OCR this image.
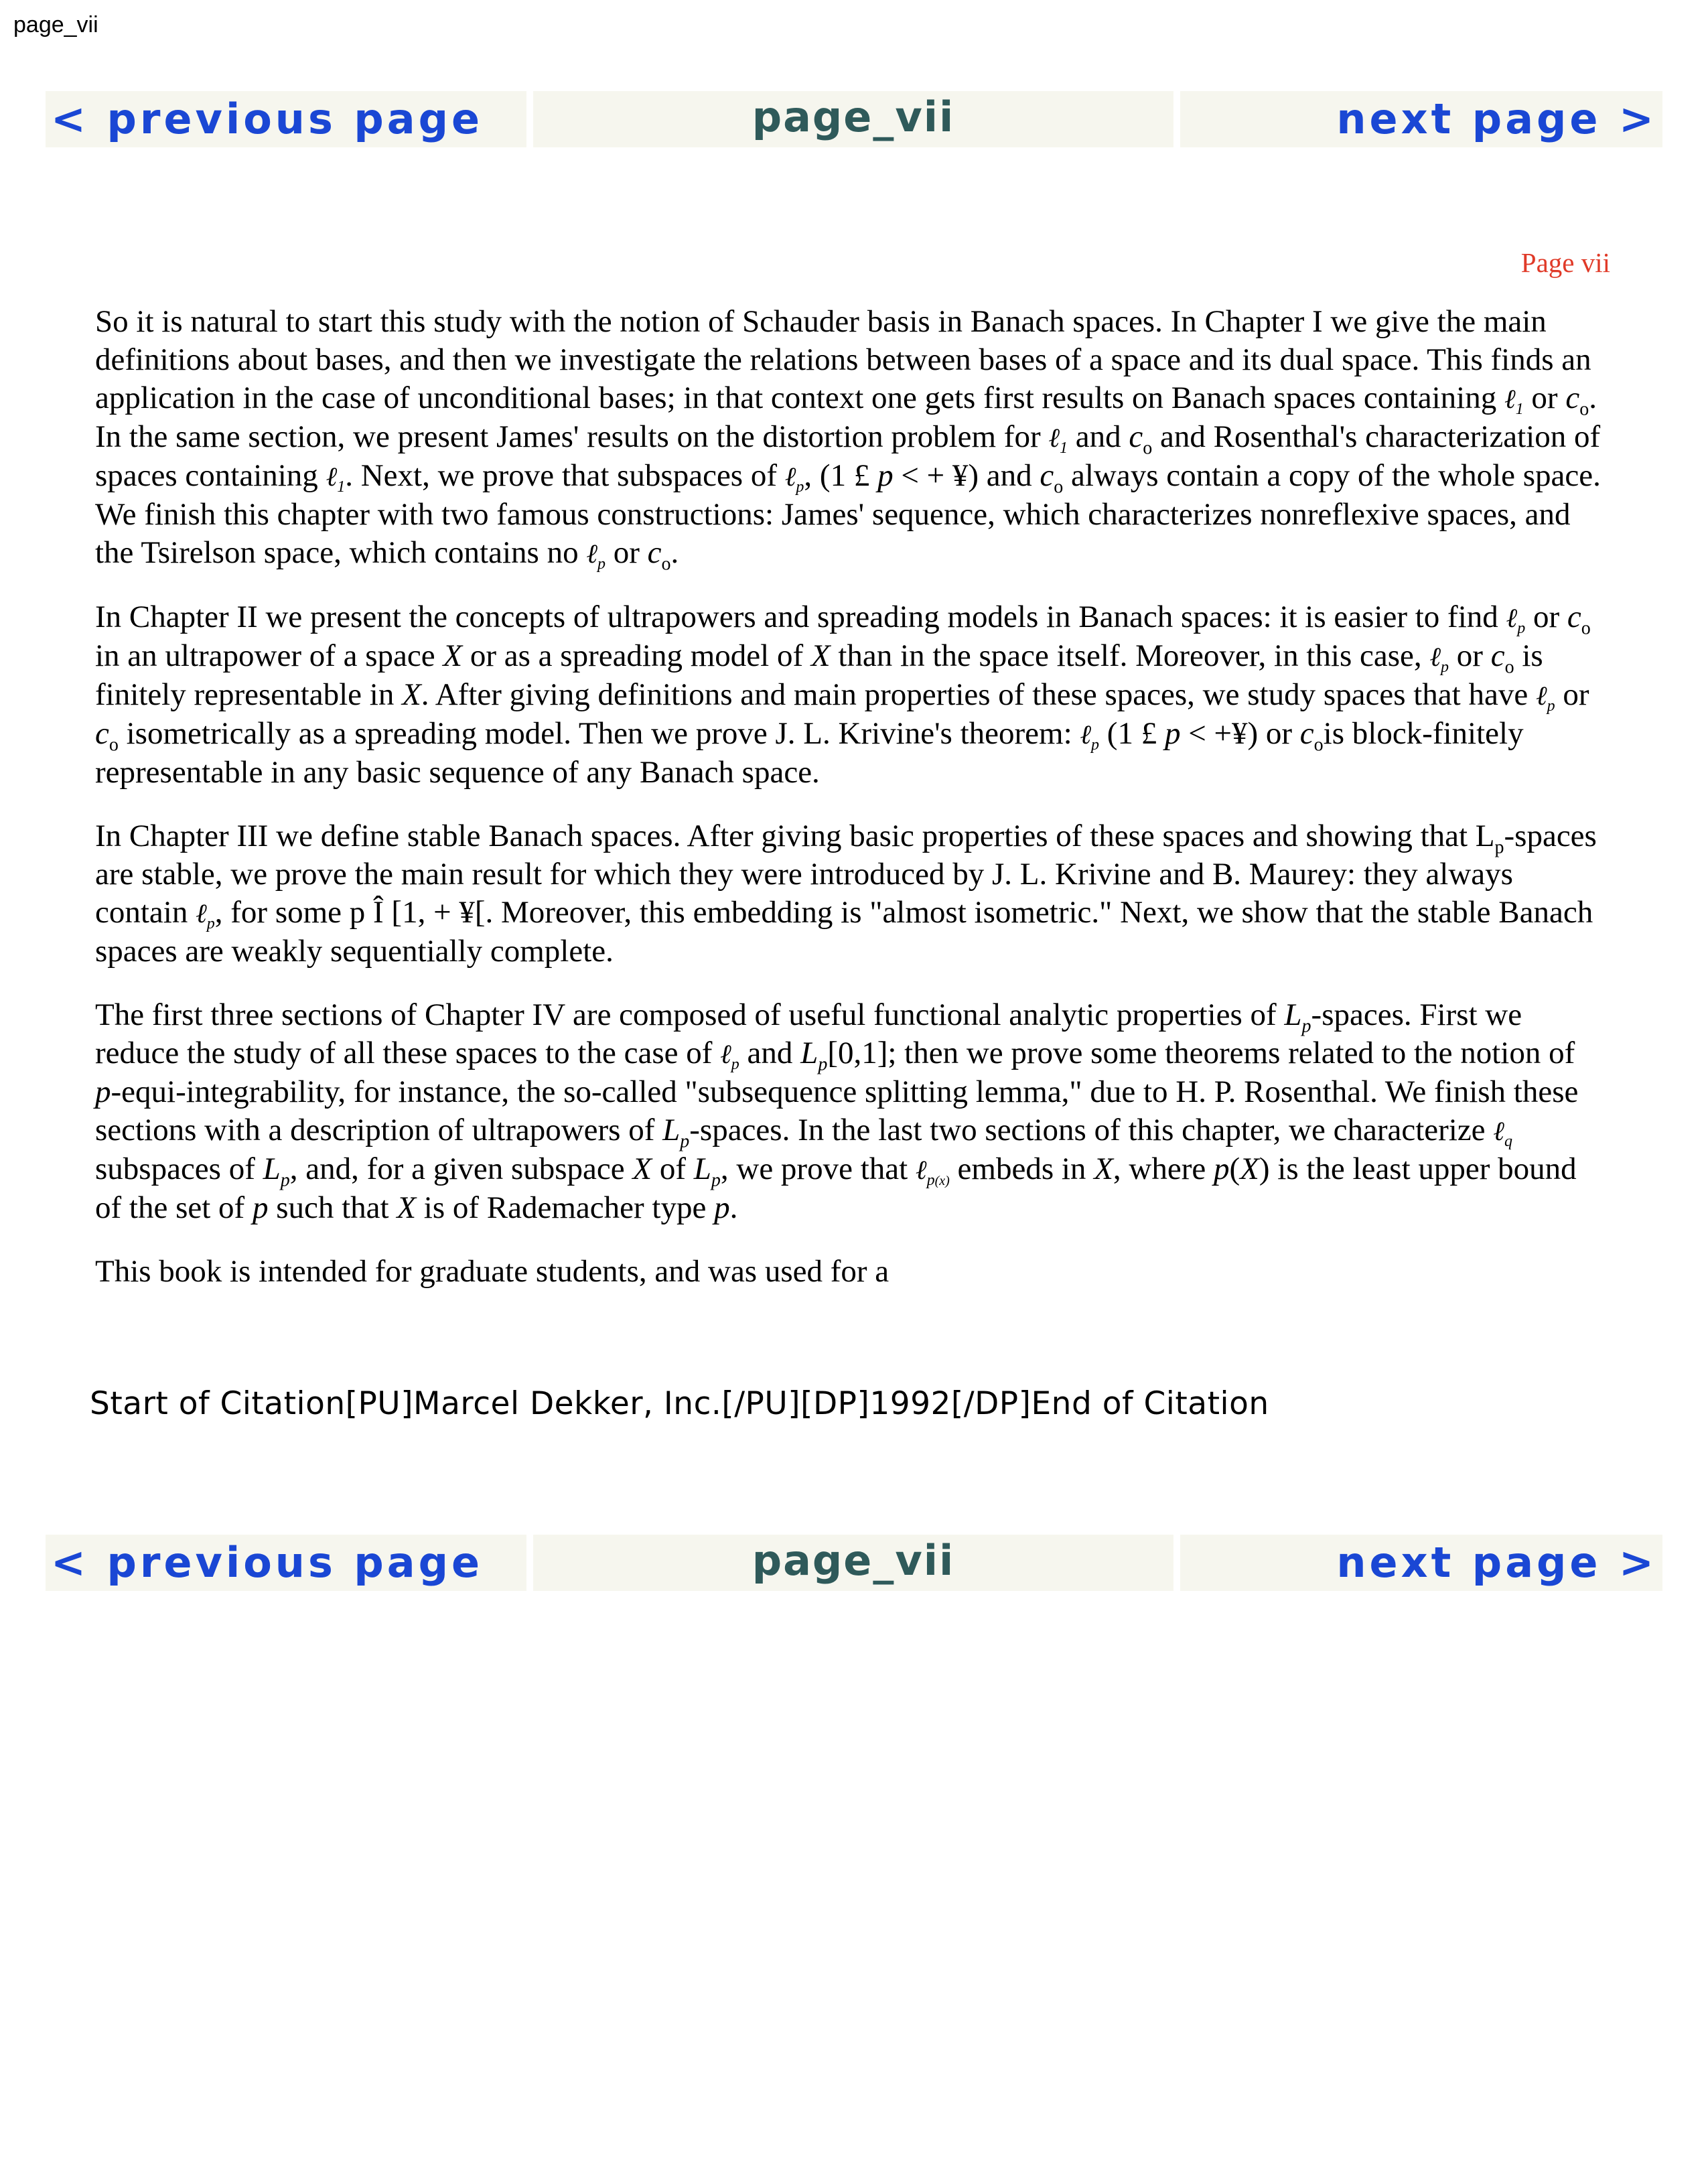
page_vii
< previous page	page_vii	next page >
Page vii

So it is natural to start this study with the notion of Schauder basis in Banach spaces. In Chapter I we give the main definitions about bases, and then we investigate the relations between bases of a space and its dual space. This finds an application in the case of unconditional bases; in that context one gets first results on Banach spaces containing ℓ$_1$ or $c_o$. In the same section, we present James' results on the distortion problem for ℓ$_1$ and $c_o$ and Rosenthal's characterization of spaces containing ℓ$_1$. Next, we prove that subspaces of ℓ$_p$, (1 £ p < + ¥) and $c_o$ always contain a copy of the whole space. We finish this chapter with two famous constructions: James' sequence, which characterizes nonreflexive spaces, and the Tsirelson space, which contains no ℓ$_p$ or $c_o$.

In Chapter II we present the concepts of ultrapowers and spreading models in Banach spaces: it is easier to find ℓ$_p$ or $c_o$ in an ultrapower of a space X or as a spreading model of X than in the space itself. Moreover, in this case, ℓ$_p$ or $c_o$ is finitely representable in X. After giving definitions and main properties of these spaces, we study spaces that have ℓ$_p$ or $c_o$ isometrically as a spreading model. Then we prove J. L. Krivine's theorem: ℓ$_p$ (1 £ p < +¥) or $c_ois$ block-finitely representable in any basic sequence of any Banach space.

In Chapter III we define stable Banach spaces. After giving basic properties of these spaces and showing that $L_p$-spaces are stable, we prove the main result for which they were introduced by J. L. Krivine and B. Maurey: they always contain ℓ$_p$, for some p Î [1, + ¥[. Moreover, this embedding is "almost isometric." Next, we show that the stable Banach spaces are weakly sequentially complete.

The first three sections of Chapter IV are composed of useful functional analytic properties of $L_p$-spaces. First we reduce the study of all these spaces to the case of ℓ$_p$ and $L_p[0,1]$; then we prove some theorems related to the notion of p-equi-integrability, for instance, the so-called "subsequence splitting lemma," due to H. P. Rosenthal. We finish these sections with a description of ultrapowers of $L_p$-spaces. In the last two sections of this chapter, we characterize ℓ$_q$ subspaces of $L_p$, and, for a given subspace X of $L_p$, we prove that ℓ$_{p(x)}$ embeds in X, where p(X) is the least upper bound of the set of p such that X is of Rademacher type p.

This book is intended for graduate students, and was used for a

Start of Citation[PU]Marcel Dekker, Inc.[/PU][DP]1992[/DP]End of Citation
< previous page	page_vii	next page >
